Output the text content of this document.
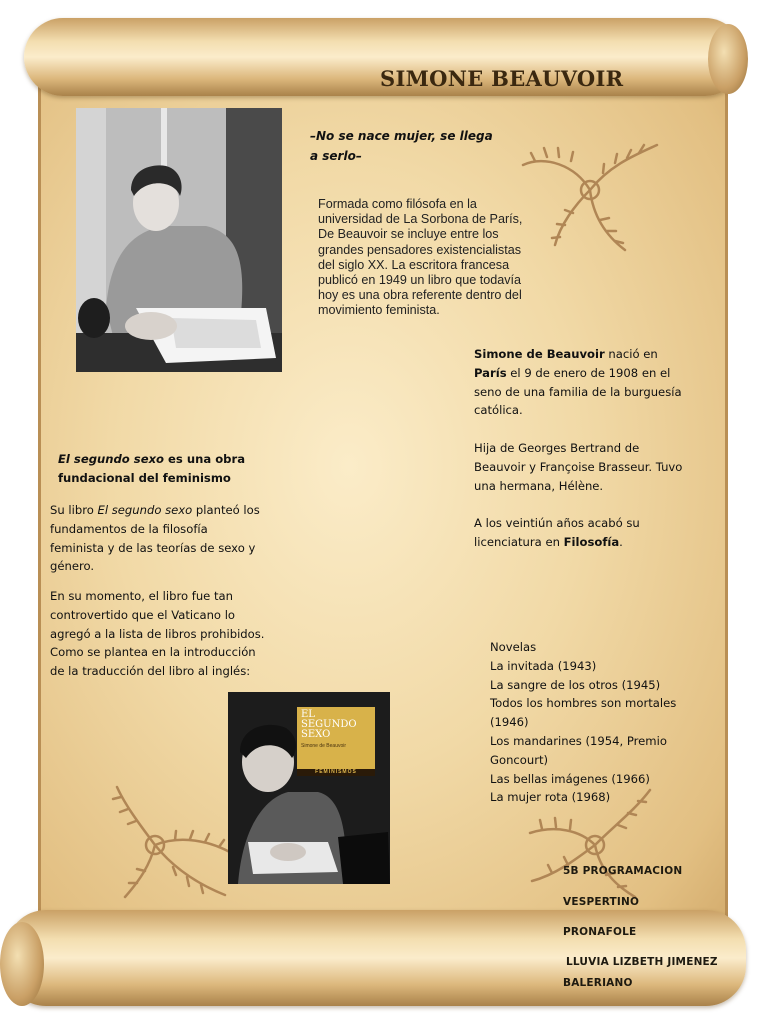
SIMONE BEAUVOIR

–No se nace mujer, se llega a serlo–

Formada como filósofa en la universidad de La Sorbona de París, De Beauvoir se incluye entre los grandes pensadores existencialistas del siglo XX. La escritora francesa publicó en 1949 un libro que todavía hoy es una obra referente dentro del movimiento feminista.

Simone de Beauvoir nació en París el 9 de enero de 1908 en el seno de una familia de la burguesía católica.

Hija de Georges Bertrand de Beauvoir y Françoise Brasseur. Tuvo una hermana, Hélène.

A los veintiún años acabó su licenciatura en Filosofía.

El segundo sexo es una obra fundacional del feminismo

Su libro El segundo sexo planteó los fundamentos de la filosofía feminista y de las teorías de sexo y género.

En su momento, el libro fue tan controvertido que el Vaticano lo agregó a la lista de libros prohibidos. Como se plantea en la introducción de la traducción del libro al inglés:

EL
SEGUNDO
SEXO
Simone de Beauvoir
FEMINISMOS
Novelas
La invitada (1943)
La sangre de los otros (1945)
Todos los hombres son mortales
(1946)
Los mandarines (1954, Premio
Goncourt)
Las bellas imágenes (1966)
La mujer rota (1968)
5B PROGRAMACION
VESPERTINO
PRONAFOLE
LLUVIA LIZBETH JIMENEZ
BALERIANO
